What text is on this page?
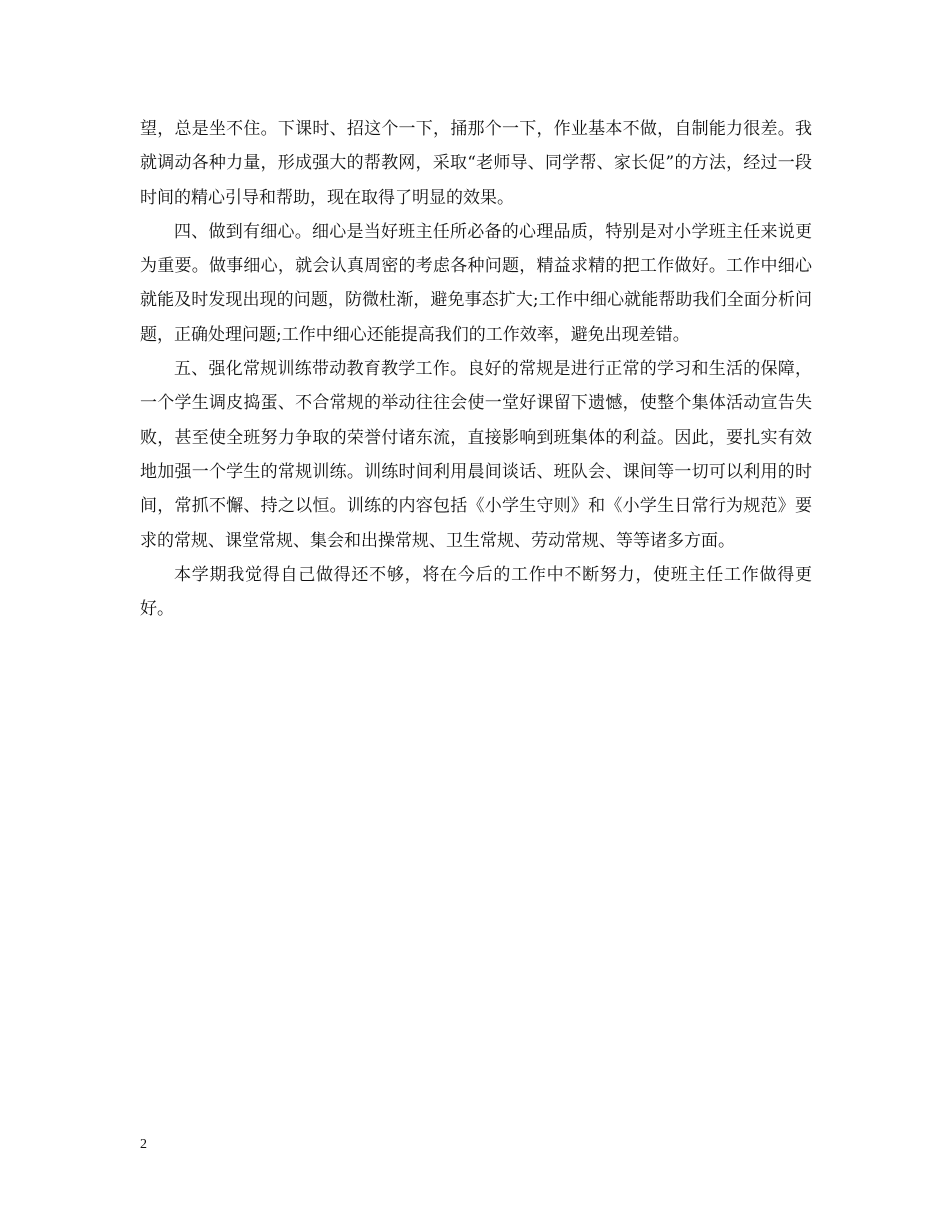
望，总是坐不住。下课时、招这个一下，捅那个一下，作业基本不做，自制能力很差。我就调动各种力量，形成强大的帮教网，采取“老师导、同学帮、家长促”的方法，经过一段时间的精心引导和帮助，现在取得了明显的效果。

四、做到有细心。细心是当好班主任所必备的心理品质，特别是对小学班主任来说更为重要。做事细心，就会认真周密的考虑各种问题，精益求精的把工作做好。工作中细心就能及时发现出现的问题，防微杜渐，避免事态扩大;工作中细心就能帮助我们全面分析问题，正确处理问题;工作中细心还能提高我们的工作效率，避免出现差错。

五、强化常规训练带动教育教学工作。良好的常规是进行正常的学习和生活的保障，一个学生调皮捣蛋、不合常规的举动往往会使一堂好课留下遗憾，使整个集体活动宣告失败，甚至使全班努力争取的荣誉付诸东流，直接影响到班集体的利益。因此，要扎实有效地加强一个学生的常规训练。训练时间利用晨间谈话、班队会、课间等一切可以利用的时间，常抓不懈、持之以恒。训练的内容包括《小学生守则》和《小学生日常行为规范》要求的常规、课堂常规、集会和出操常规、卫生常规、劳动常规、等等诸多方面。

本学期我觉得自己做得还不够，将在今后的工作中不断努力，使班主任工作做得更好。

2
